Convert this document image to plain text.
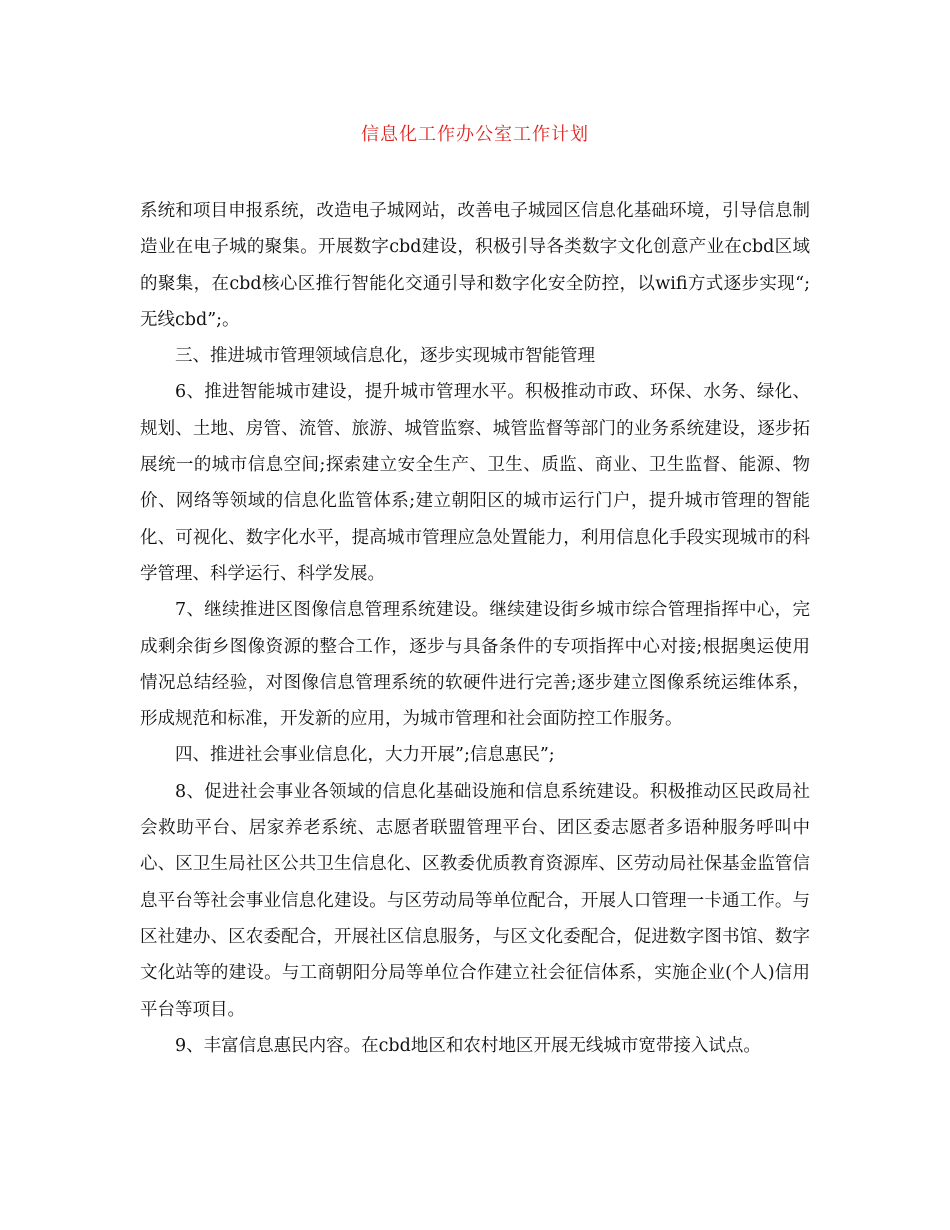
信息化工作办公室工作计划

系统和项目申报系统，改造电子城网站，改善电子城园区信息化基础环境，引导信息制造业在电子城的聚集。开展数字cbd建设，积极引导各类数字文化创意产业在cbd区域的聚集，在cbd核心区推行智能化交通引导和数字化安全防控，以wifi方式逐步实现“;无线cbd”;。

三、推进城市管理领域信息化，逐步实现城市智能管理

6、推进智能城市建设，提升城市管理水平。积极推动市政、环保、水务、绿化、规划、土地、房管、流管、旅游、城管监察、城管监督等部门的业务系统建设，逐步拓展统一的城市信息空间;探索建立安全生产、卫生、质监、商业、卫生监督、能源、物价、网络等领域的信息化监管体系;建立朝阳区的城市运行门户，提升城市管理的智能化、可视化、数字化水平，提高城市管理应急处置能力，利用信息化手段实现城市的科学管理、科学运行、科学发展。

7、继续推进区图像信息管理系统建设。继续建设街乡城市综合管理指挥中心，完成剩余街乡图像资源的整合工作，逐步与具备条件的专项指挥中心对接;根据奥运使用情况总结经验，对图像信息管理系统的软硬件进行完善;逐步建立图像系统运维体系，形成规范和标准，开发新的应用，为城市管理和社会面防控工作服务。

四、推进社会事业信息化，大力开展”;信息惠民”;

8、促进社会事业各领域的信息化基础设施和信息系统建设。积极推动区民政局社会救助平台、居家养老系统、志愿者联盟管理平台、团区委志愿者多语种服务呼叫中心、区卫生局社区公共卫生信息化、区教委优质教育资源库、区劳动局社保基金监管信息平台等社会事业信息化建设。与区劳动局等单位配合，开展人口管理一卡通工作。与区社建办、区农委配合，开展社区信息服务，与区文化委配合，促进数字图书馆、数字文化站等的建设。与工商朝阳分局等单位合作建立社会征信体系，实施企业(个人)信用平台等项目。

9、丰富信息惠民内容。在cbd地区和农村地区开展无线城市宽带接入试点。
